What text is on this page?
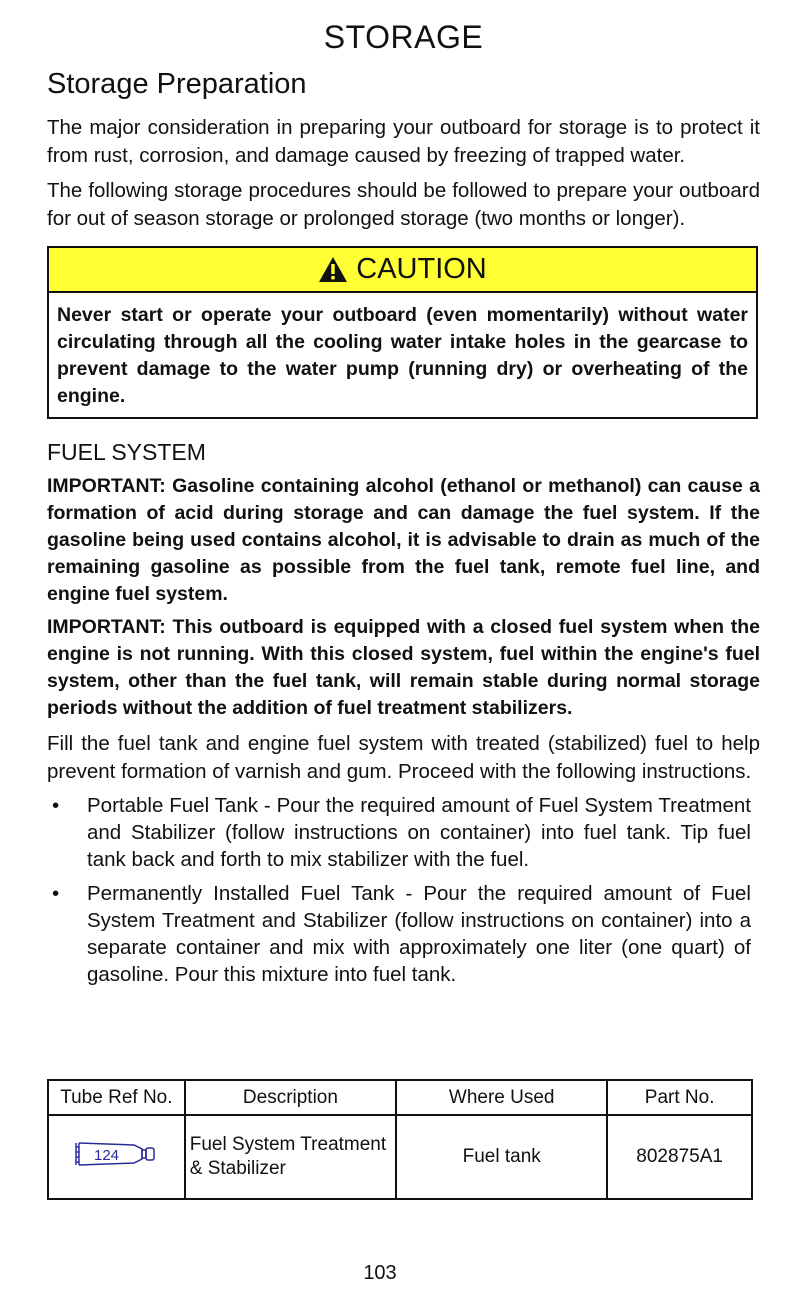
STORAGE
Storage Preparation

The major consideration in preparing your outboard for storage is to protect it from rust, corrosion, and damage caused by freezing of trapped water.

The following storage procedures should be followed to prepare your outboard for out of season storage or prolonged storage (two months or longer).

CAUTION
Never start or operate your outboard (even momentarily) without water circulating through all the cooling water intake holes in the gearcase to prevent damage to the water pump (running dry) or overheating of the engine.
FUEL SYSTEM

IMPORTANT: Gasoline containing alcohol (ethanol or methanol) can cause a formation of acid during storage and can damage the fuel system. If the gasoline being used contains alcohol, it is advisable to drain as much of the remaining gasoline as possible from the fuel tank, remote fuel line, and engine fuel system.

IMPORTANT: This outboard is equipped with a closed fuel system when the engine is not running. With this closed system, fuel within the engine's fuel system, other than the fuel tank, will remain stable during normal storage periods without the addition of fuel treatment stabilizers.

Fill the fuel tank and engine fuel system with treated (stabilized) fuel to help prevent formation of varnish and gum. Proceed with the following instructions.

• Portable Fuel Tank - Pour the required amount of Fuel System Treatment and Stabilizer (follow instructions on container) into fuel tank. Tip fuel tank back and forth to mix stabilizer with the fuel.
• Permanently Installed Fuel Tank - Pour the required amount of Fuel System Treatment and Stabilizer (follow instructions on container) into a separate container and mix with approximately one liter (one quart) of gasoline. Pour this mixture into fuel tank.
Tube Ref No.	Description	Where Used	Part No.

124	Fuel System Treatment & Stabilizer	Fuel tank	802875A1
103
